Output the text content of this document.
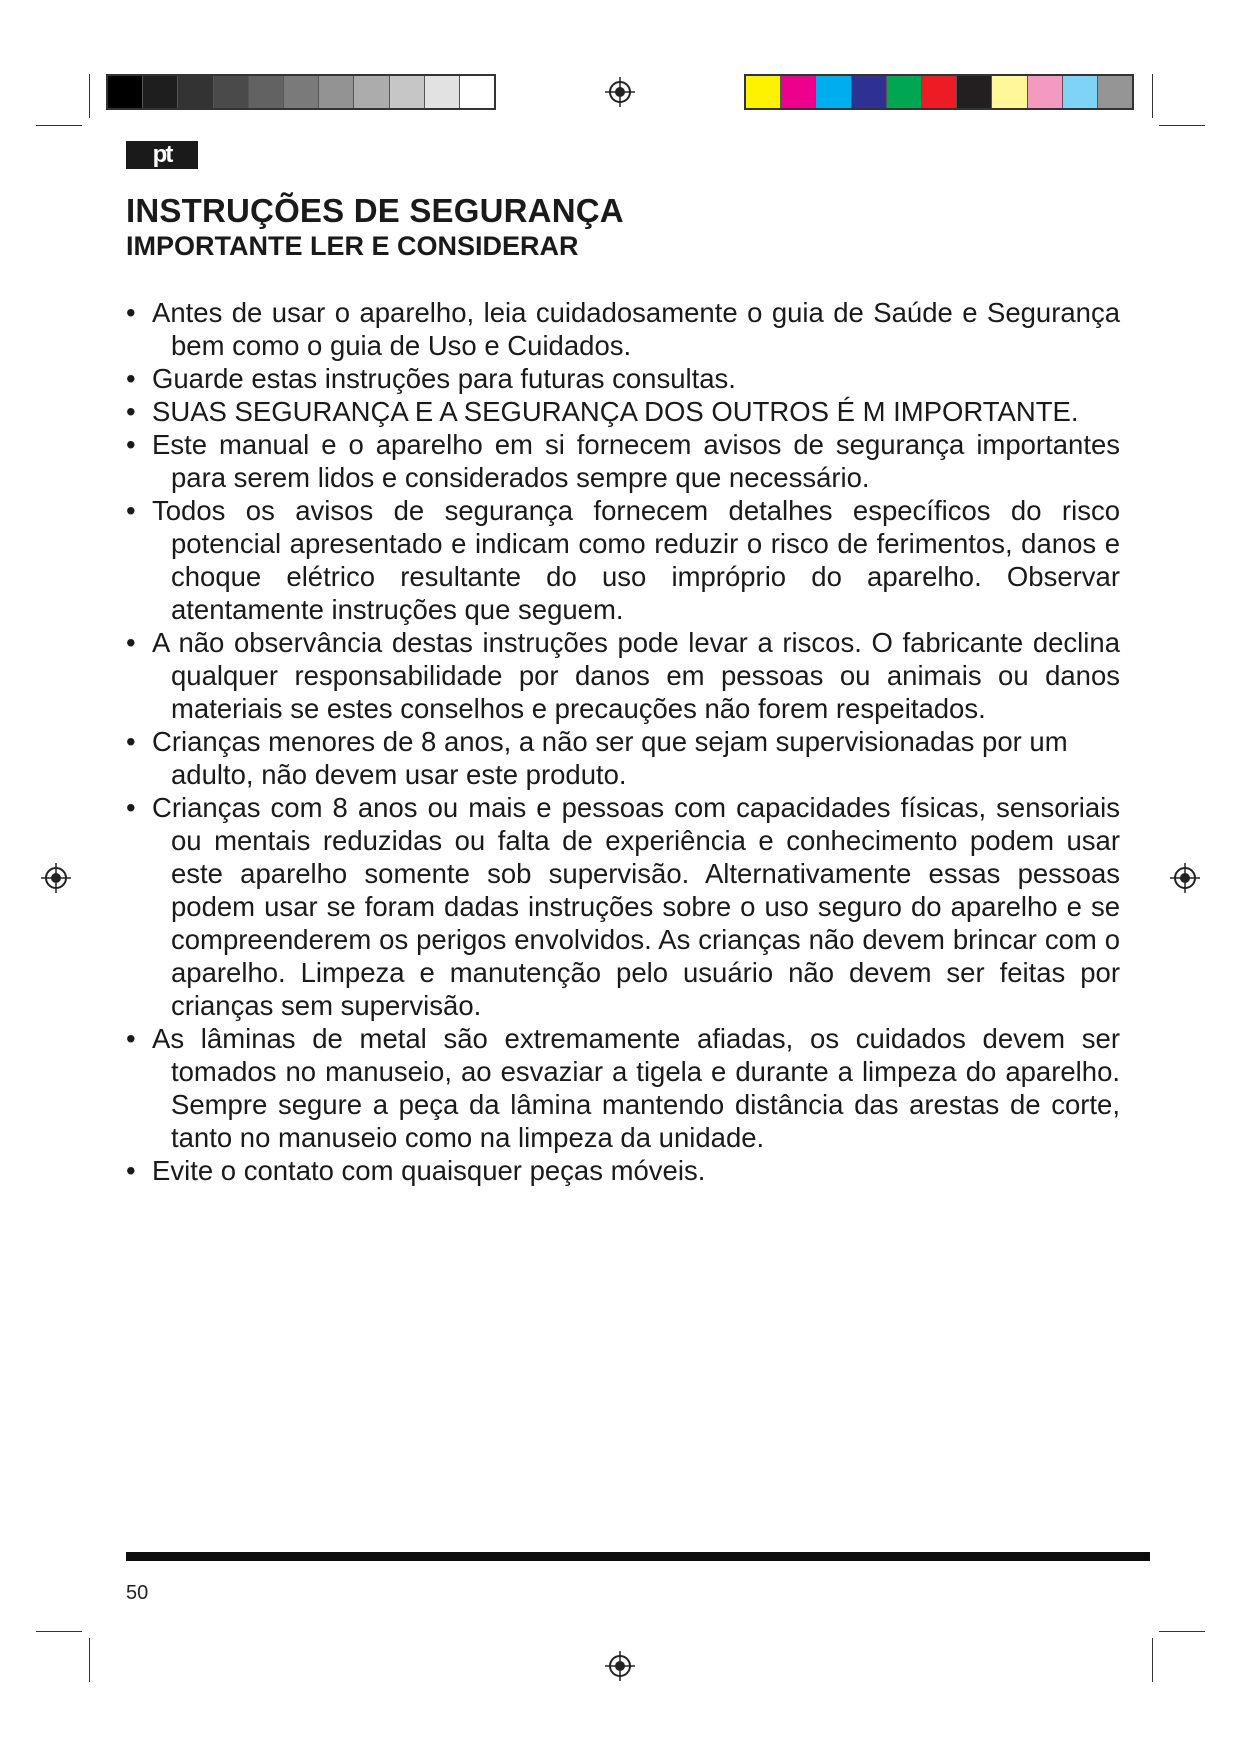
pt
INSTRUÇÕES DE SEGURANÇA
IMPORTANTE LER E CONSIDERAR
• Antes de usar o aparelho, leia cuidadosamente o guia de Saúde e Segurança bem como o guia de Uso e Cuidados.
• Guarde estas instruções para futuras consultas.
• SUAS SEGURANÇA E A SEGURANÇA DOS OUTROS É M IMPORTANTE.
• Este manual e o aparelho em si fornecem avisos de segurança importantes para serem lidos e considerados sempre que necessário.
• Todos os avisos de segurança fornecem detalhes específicos do risco potencial apresentado e indicam como reduzir o risco de ferimentos, danos e choque elétrico resultante do uso impróprio do aparelho. Observar atentamente instruções que seguem.
• A não observância destas instruções pode levar a riscos. O fabricante declina qualquer responsabilidade por danos em pessoas ou animais ou danos materiais se estes conselhos e precauções não forem respeitados.
• Crianças menores de 8 anos, a não ser que sejam supervisionadas por um adulto, não devem usar este produto.
• Crianças com 8 anos ou mais e pessoas com capacidades físicas, sensoriais ou mentais reduzidas ou falta de experiência e conhecimento podem usar este aparelho somente sob supervisão. Alternativamente essas pessoas podem usar se foram dadas instruções sobre o uso seguro do aparelho e se compreenderem os perigos envolvidos. As crianças não devem brincar com o aparelho. Limpeza e manutenção pelo usuário não devem ser feitas por crianças sem supervisão.
• As lâminas de metal são extremamente afiadas, os cuidados devem ser tomados no manuseio, ao esvaziar a tigela e durante a limpeza do aparelho. Sempre segure a peça da lâmina mantendo distância das arestas de corte, tanto no manuseio como na limpeza da unidade.
• Evite o contato com quaisquer peças móveis.
50
